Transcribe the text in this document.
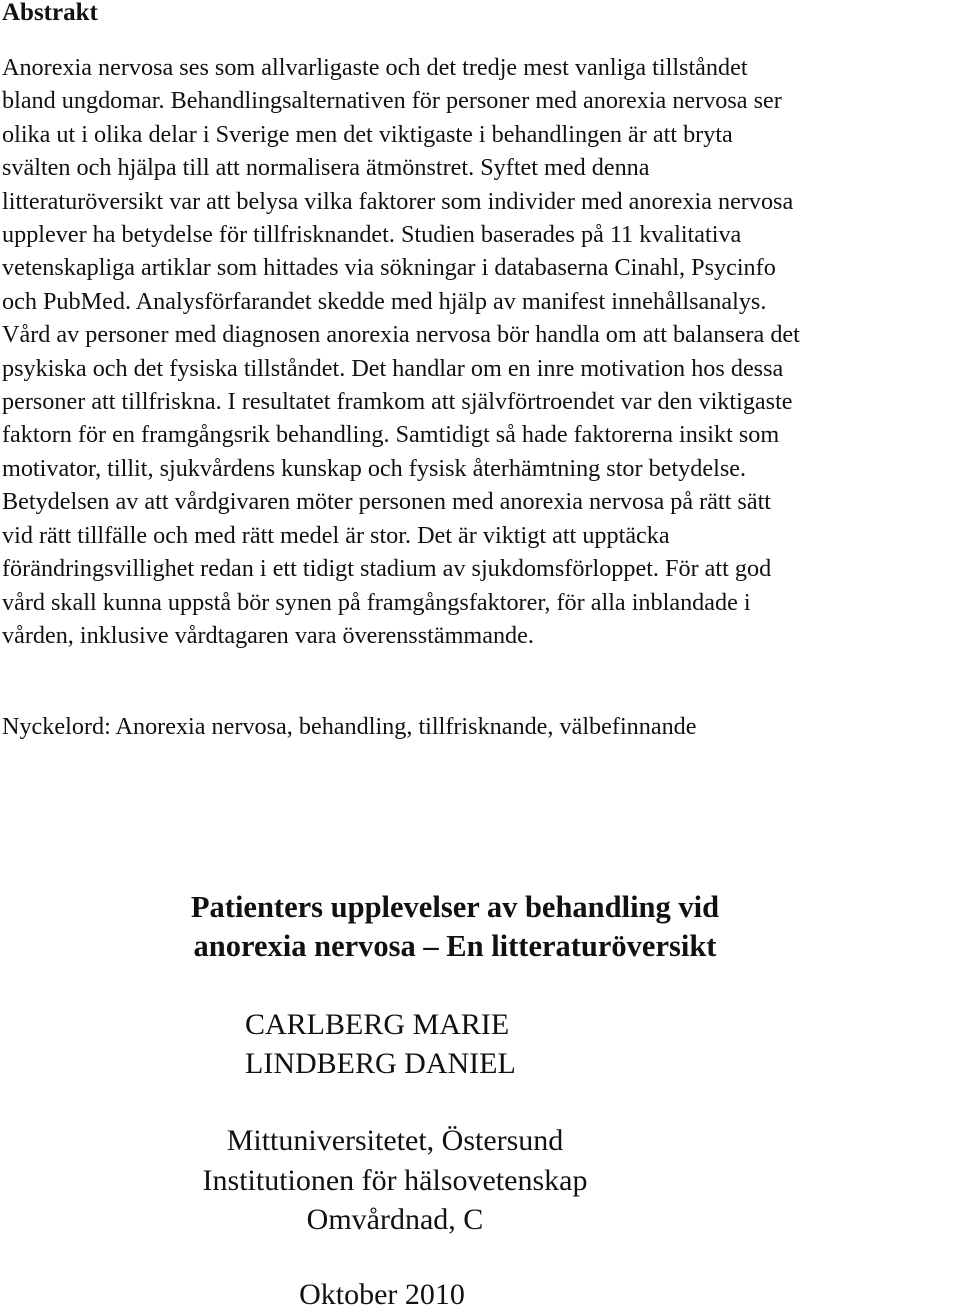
Abstrakt

Anorexia nervosa ses som allvarligaste och det tredje mest vanliga tillståndet
bland ungdomar. Behandlingsalternativen för personer med anorexia nervosa ser
olika ut i olika delar i Sverige men det viktigaste i behandlingen är att bryta
svälten och hjälpa till att normalisera ätmönstret. Syftet med denna
litteraturöversikt var att belysa vilka faktorer som individer med anorexia nervosa
upplever ha betydelse för tillfrisknandet. Studien baserades på 11 kvalitativa
vetenskapliga artiklar som hittades via sökningar i databaserna Cinahl, Psycinfo
och PubMed. Analysförfarandet skedde med hjälp av manifest innehållsanalys.
Vård av personer med diagnosen anorexia nervosa bör handla om att balansera det
psykiska och det fysiska tillståndet. Det handlar om en inre motivation hos dessa
personer att tillfriskna. I resultatet framkom att självförtroendet var den viktigaste
faktorn för en framgångsrik behandling. Samtidigt så hade faktorerna insikt som
motivator, tillit, sjukvårdens kunskap och fysisk återhämtning stor betydelse.
Betydelsen av att vårdgivaren möter personen med anorexia nervosa på rätt sätt
vid rätt tillfälle och med rätt medel är stor. Det är viktigt att upptäcka
förändringsvillighet redan i ett tidigt stadium av sjukdomsförloppet. För att god
vård skall kunna uppstå bör synen på framgångsfaktorer, för alla inblandade i
vården, inklusive vårdtagaren vara överensstämmande.

Nyckelord: Anorexia nervosa, behandling, tillfrisknande, välbefinnande

Patienters upplevelser av behandling vid
anorexia nervosa – En litteraturöversikt

CARLBERG MARIE
LINDBERG DANIEL

Mittuniversitetet, Östersund
Institutionen för hälsovetenskap
Omvårdnad, C

Oktober 2010
